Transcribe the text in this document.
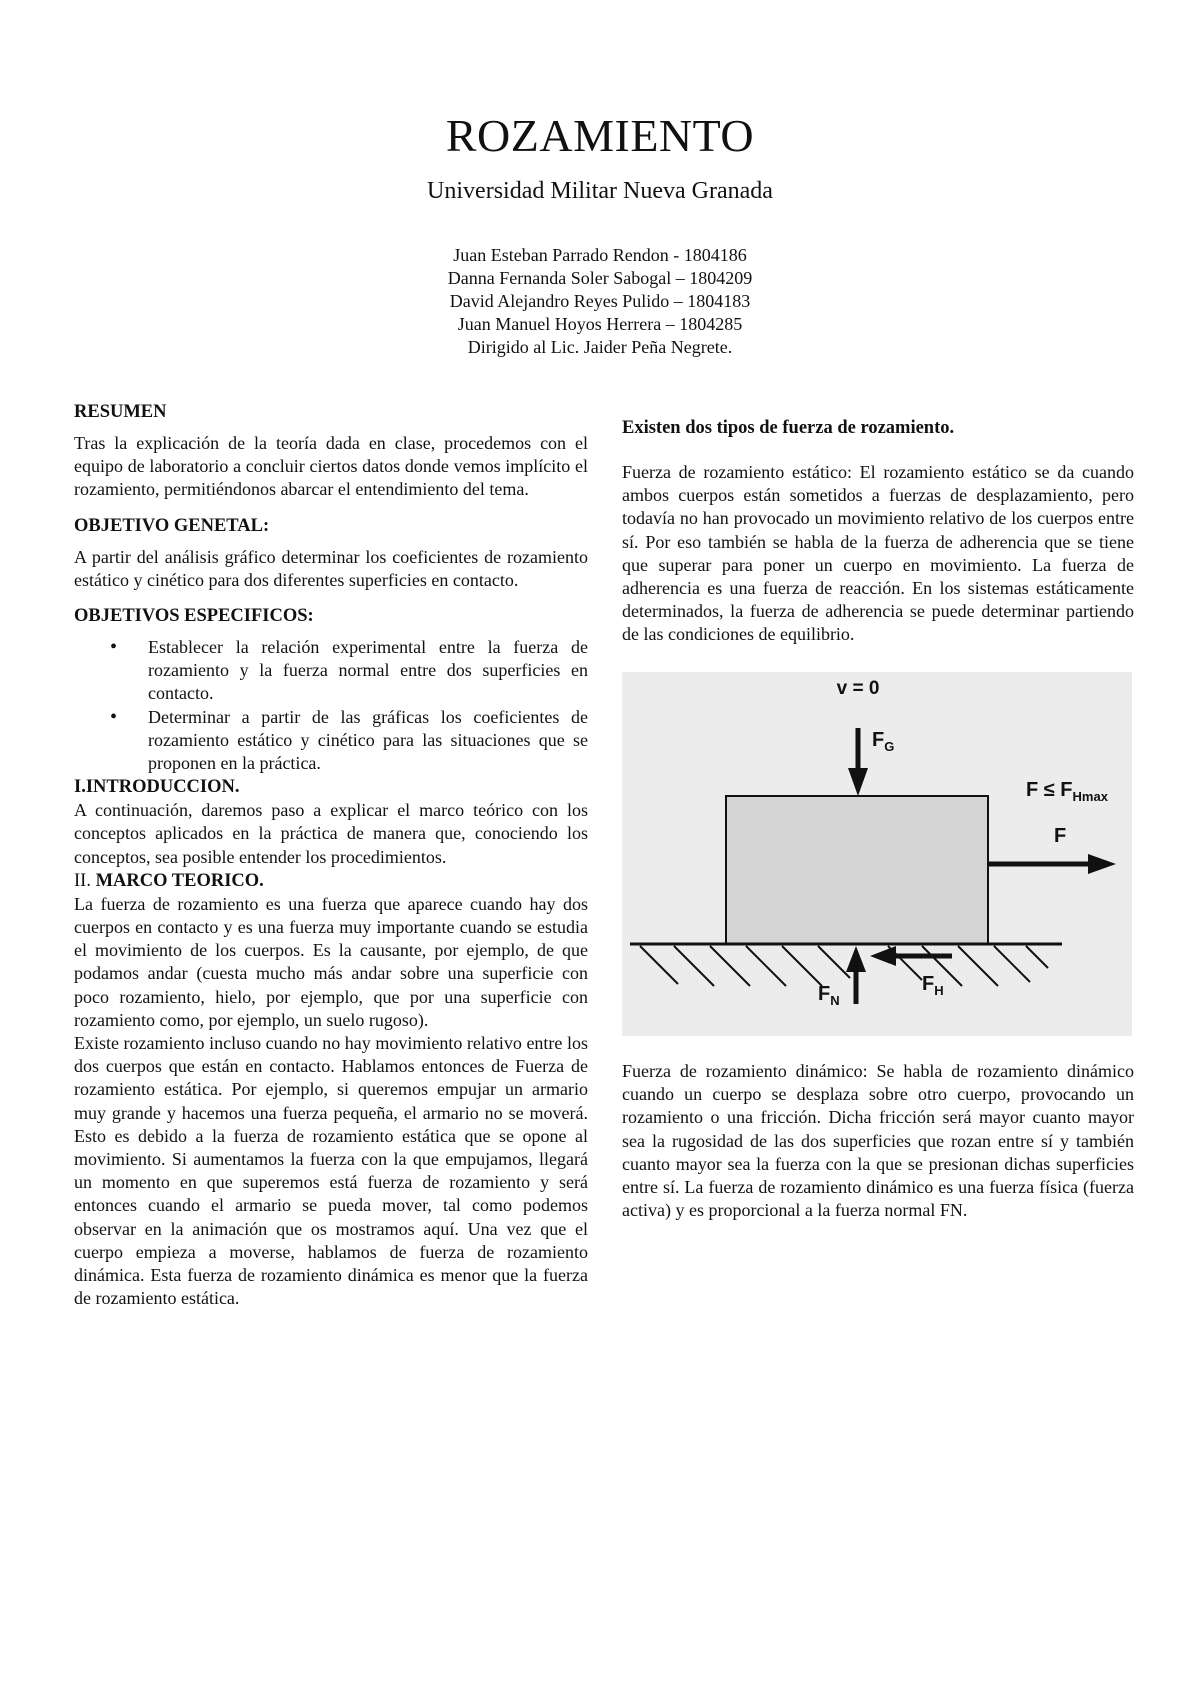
ROZAMIENTO
Universidad Militar Nueva Granada
Juan Esteban Parrado Rendon - 1804186
Danna Fernanda Soler Sabogal – 1804209
David Alejandro Reyes Pulido – 1804183
Juan Manuel Hoyos Herrera – 1804285
Dirigido al Lic. Jaider Peña Negrete.
RESUMEN

Tras la explicación de la teoría dada en clase, procedemos con el equipo de laboratorio a concluir ciertos datos donde vemos implícito el rozamiento, permitiéndonos abarcar el entendimiento del tema.

OBJETIVO GENETAL:

A partir del análisis gráfico determinar los coeficientes de rozamiento estático y cinético para dos diferentes superficies en contacto.

OBJETIVOS ESPECIFICOS:
• Establecer la relación experimental entre la fuerza de rozamiento y la fuerza normal entre dos superficies en contacto.
• Determinar a partir de las gráficas los coeficientes de rozamiento estático y cinético para las situaciones que se proponen en la práctica.
I.INTRODUCCION.

A continuación, daremos paso a explicar el marco teórico con los conceptos aplicados en la práctica de manera que, conociendo los conceptos, sea posible entender los procedimientos.

II. MARCO TEORICO.

La fuerza de rozamiento es una fuerza que aparece cuando hay dos cuerpos en contacto y es una fuerza muy importante cuando se estudia el movimiento de los cuerpos. Es la causante, por ejemplo, de que podamos andar (cuesta mucho más andar sobre una superficie con poco rozamiento, hielo, por ejemplo, que por una superficie con rozamiento como, por ejemplo, un suelo rugoso).

Existe rozamiento incluso cuando no hay movimiento relativo entre los dos cuerpos que están en contacto. Hablamos entonces de Fuerza de rozamiento estática. Por ejemplo, si queremos empujar un armario muy grande y hacemos una fuerza pequeña, el armario no se moverá. Esto es debido a la fuerza de rozamiento estática que se opone al movimiento. Si aumentamos la fuerza con la que empujamos, llegará un momento en que superemos está fuerza de rozamiento y será entonces cuando el armario se pueda mover, tal como podemos observar en la animación que os mostramos aquí. Una vez que el cuerpo empieza a moverse, hablamos de fuerza de rozamiento dinámica. Esta fuerza de rozamiento dinámica es menor que la fuerza de rozamiento estática.

Existen dos tipos de fuerza de rozamiento.

Fuerza de rozamiento estático: El rozamiento estático se da cuando ambos cuerpos están sometidos a fuerzas de desplazamiento, pero todavía no han provocado un movimiento relativo de los cuerpos entre sí. Por eso también se habla de la fuerza de adherencia que se tiene que superar para poner un cuerpo en movimiento. La fuerza de adherencia es una fuerza de reacción. En los sistemas estáticamente determinados, la fuerza de adherencia se puede determinar partiendo de las condiciones de equilibrio.

v = 0
$F_G$
$F \le F_{Hmax}$
F
$F_N$
$F_H$

Fuerza de rozamiento dinámico: Se habla de rozamiento dinámico cuando un cuerpo se desplaza sobre otro cuerpo, provocando un rozamiento o una fricción. Dicha fricción será mayor cuanto mayor sea la rugosidad de las dos superficies que rozan entre sí y también cuanto mayor sea la fuerza con la que se presionan dichas superficies entre sí. La fuerza de rozamiento dinámico es una fuerza física (fuerza activa) y es proporcional a la fuerza normal FN.
